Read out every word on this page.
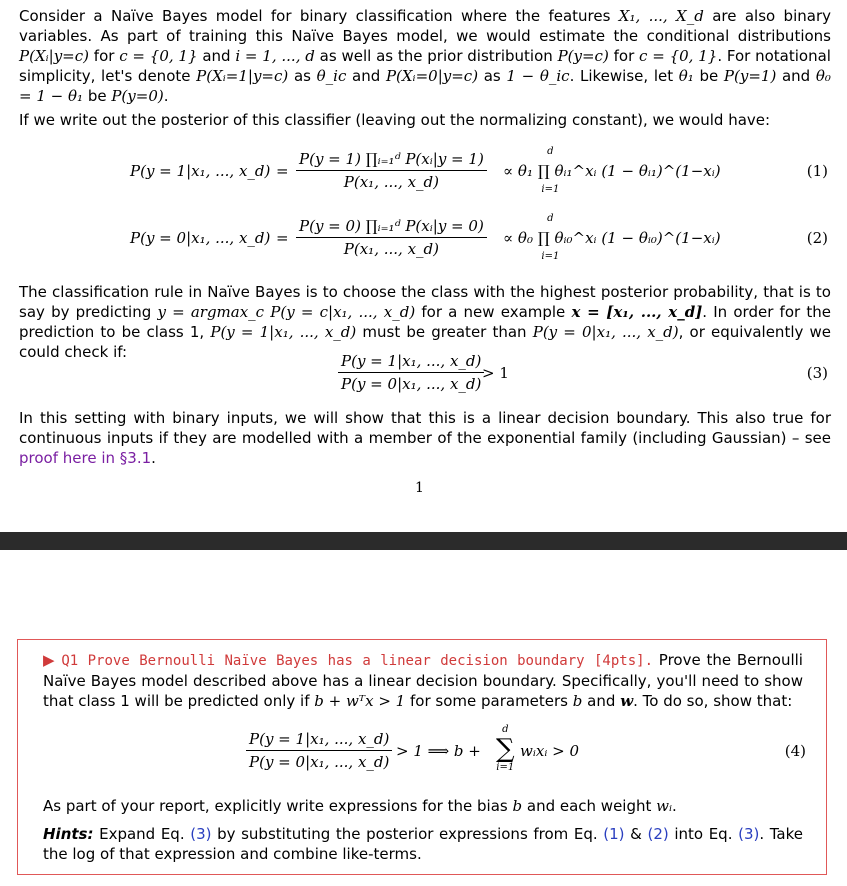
Consider a Naïve Bayes model for binary classification where the features X₁, ..., X_d are also binary variables. As part of training this Naïve Bayes model, we would estimate the conditional distributions P(Xᵢ|y=c) for c = {0, 1} and i = 1, ..., d as well as the prior distribution P(y=c) for c = {0, 1}. For notational simplicity, let's denote P(Xᵢ=1|y=c) as θ_ic and P(Xᵢ=0|y=c) as 1 − θ_ic. Likewise, let θ₁ be P(y=1) and θ₀ = 1 − θ₁ be P(y=0).

If we write out the posterior of this classifier (leaving out the normalizing constant), we would have:

P(y = 1|x₁, ..., x_d) = $\frac{\text{P(y = 1) ∏ᵢ₌₁ᵈ P(xᵢ|y = 1)}}{\text{P(x₁, ..., x\_d)}} \propto \theta_1$ ∏ θᵢ₁^xᵢ (1 − θᵢ₁)^(1−xᵢ)
d
i=1
(1)
P(y = 0|x₁, ..., x_d) = $\frac{\text{P(y = 0) ∏ᵢ₌₁ᵈ P(xᵢ|y = 0)}}{\text{P(x₁, ..., x\_d)}} \propto \theta_0$ ∏ θᵢ₀^xᵢ (1 − θᵢ₀)^(1−xᵢ)
d
i=1
(2)

The classification rule in Naïve Bayes is to choose the class with the highest posterior probability, that is to say by predicting y = argmax_c P(y = c|x₁, ..., x_d) for a new example x = [x₁, ..., x_d]. In order for the prediction to be class 1, P(y = 1|x₁, ..., x_d) must be greater than P(y = 0|x₁, ..., x_d), or equivalently we could check if:	$\frac{\text{P(y = 1|x₁, ..., x\_d)}}{\text{P(y = 0|x₁, ..., x\_d)}}$
> 1	(3)

In this setting with binary inputs, we will show that this is a linear decision boundary. This also true for continuous inputs if they are modelled with a member of the exponential family (including Gaussian) – see proof here in §3.1.

1

▶ Q1 Prove Bernoulli Naïve Bayes has a linear decision boundary [4pts]. Prove the Bernoulli Naïve Bayes model described above has a linear decision boundary. Specifically, you'll need to show that class 1 will be predicted only if b + wᵀx > 1 for some parameters b and w. To do so, show that:

$\frac{\text{P(y = 1|x₁, ..., x\_d)}}{\text{P(y = 0|x₁, ..., x\_d)}} > 1$ ⟹ b +
d
∑
i=1
wᵢxᵢ > 0	(4)

As part of your report, explicitly write expressions for the bias b and each weight wᵢ.

Hints: Expand Eq. (3) by substituting the posterior expressions from Eq. (1) & (2) into Eq. (3). Take the log of that expression and combine like-terms.
